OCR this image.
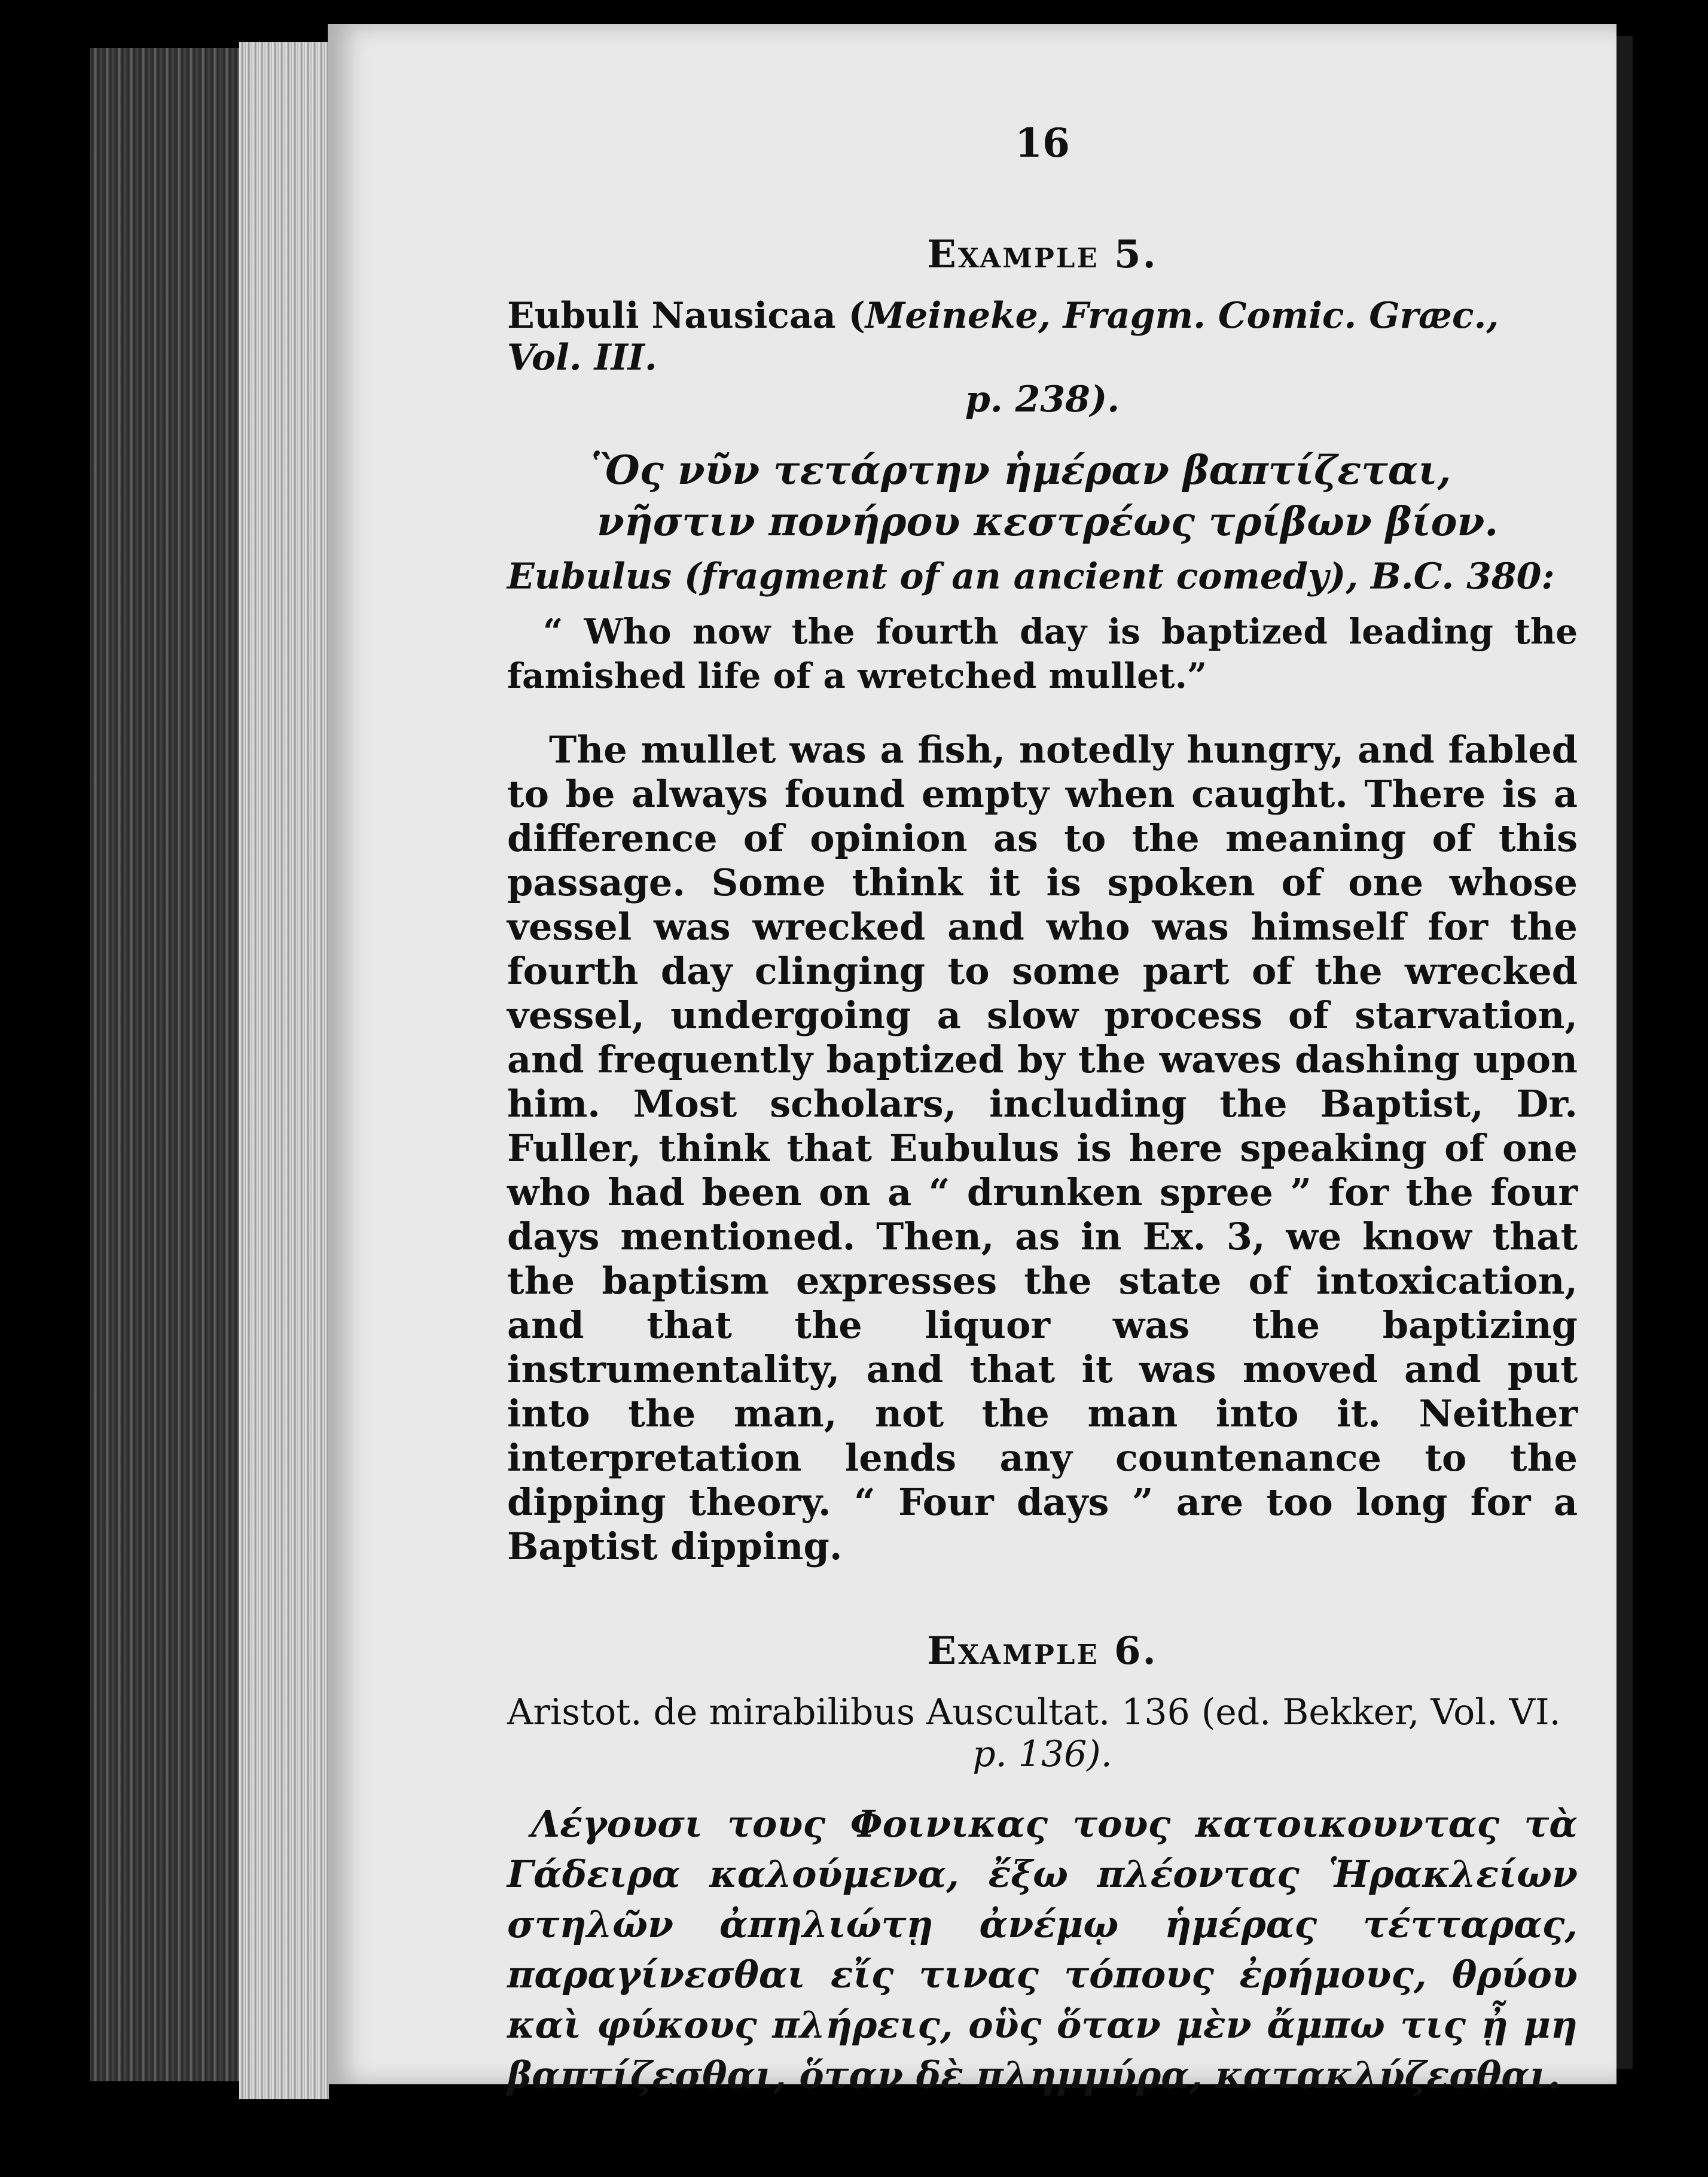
16
Example 5.
Eubuli Nausicaa (Meineke, Fragm. Comic. Græc., Vol. III.
p. 238).
Ὃς νῦν τετάρτην ἡμέραν βαπτίζεται,
νῆστιν πονήρου κεστρέως τρίβων βίον.
Eubulus (fragment of an ancient comedy), B.C. 380:
“ Who now the fourth day is baptized leading the famished life of a wretched mullet.”
The mullet was a fish, notedly hungry, and fabled to be always found empty when caught. There is a difference of opinion as to the meaning of this passage. Some think it is spoken of one whose vessel was wrecked and who was himself for the fourth day clinging to some part of the wrecked vessel, undergoing a slow process of starvation, and frequently baptized by the waves dashing upon him. Most scholars, including the Baptist, Dr. Fuller, think that Eubulus is here speaking of one who had been on a “ drunken spree ” for the four days mentioned. Then, as in Ex. 3, we know that the baptism expresses the state of intoxication, and that the liquor was the baptizing instrumentality, and that it was moved and put into the man, not the man into it. Neither interpretation lends any countenance to the dipping theory. “ Four days ” are too long for a Baptist dipping.
Example 6.
Aristot. de mirabilibus Auscultat. 136 (ed. Bekker, Vol. VI.
p. 136).
Λέγουσι τους Φοινικας τους κατοικουντας τὰ Γάδειρα καλούμενα, ἔξω πλέοντας Ἡρακλείων στηλῶν ἀπηλιώτῃ ἀνέμῳ ἡμέρας τέτταρας, παραγίνεσθαι εἴς τινας τόπους ἐρήμους, θρύου καὶ φύκους πλήρεις, οὓς ὅταν μὲν ἄμπω τις ᾖ μη βαπτίζεσθαι, ὅταν δὲ πλημμύρα, κατακλύζεσθαι.
